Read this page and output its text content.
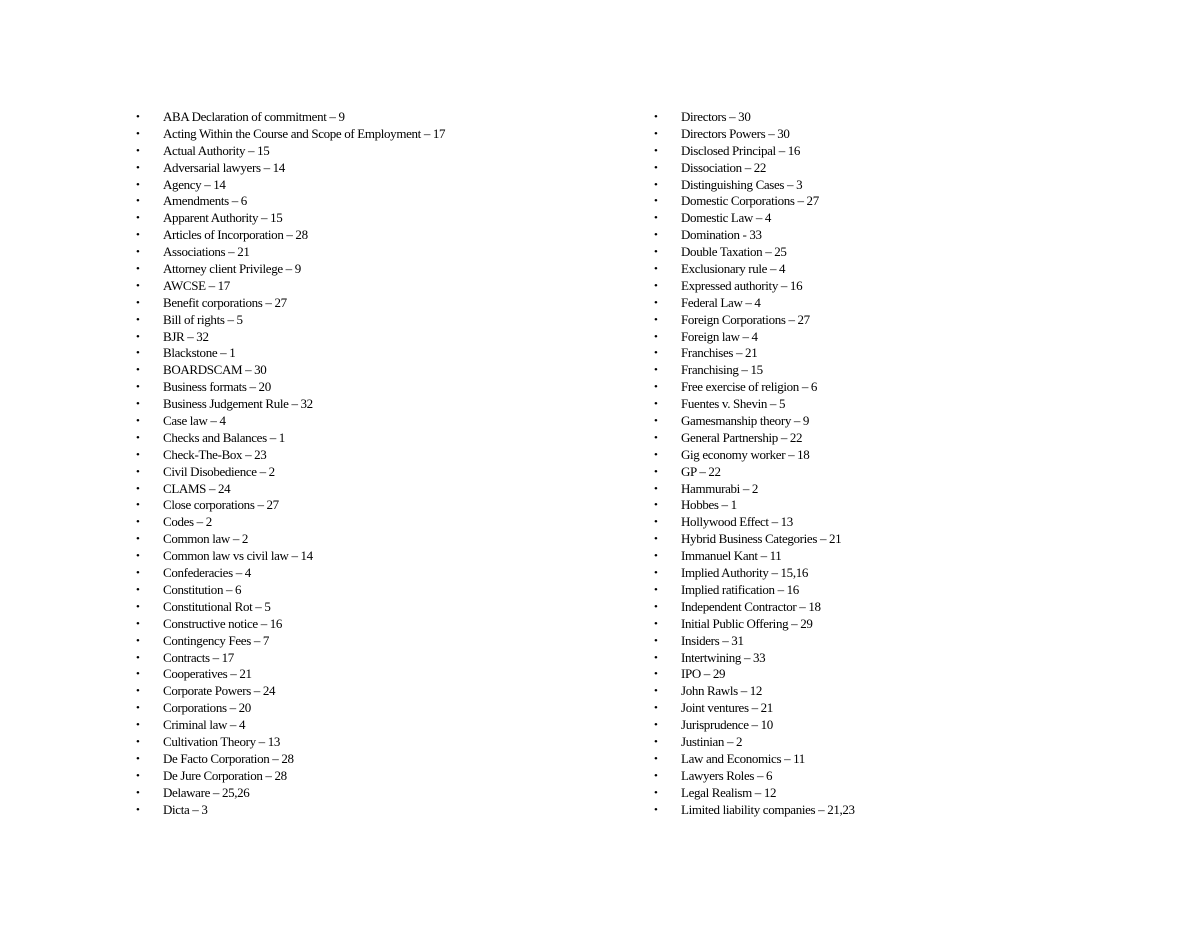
• ABA Declaration of commitment – 9
• Acting Within the Course and Scope of Employment – 17
• Actual Authority – 15
• Adversarial lawyers – 14
• Agency – 14
• Amendments – 6
• Apparent Authority – 15
• Articles of Incorporation – 28
• Associations – 21
• Attorney client Privilege – 9
• AWCSE – 17
• Benefit corporations – 27
• Bill of rights – 5
• BJR – 32
• Blackstone – 1
• BOARDSCAM – 30
• Business formats – 20
• Business Judgement Rule – 32
• Case law – 4
• Checks and Balances – 1
• Check-The-Box – 23
• Civil Disobedience – 2
• CLAMS – 24
• Close corporations – 27
• Codes – 2
• Common law – 2
• Common law vs civil law – 14
• Confederacies – 4
• Constitution – 6
• Constitutional Rot – 5
• Constructive notice – 16
• Contingency Fees – 7
• Contracts – 17
• Cooperatives – 21
• Corporate Powers – 24
• Corporations – 20
• Criminal law – 4
• Cultivation Theory – 13
• De Facto Corporation – 28
• De Jure Corporation – 28
• Delaware – 25,26
• Dicta – 3
• Directors – 30
• Directors Powers – 30
• Disclosed Principal – 16
• Dissociation – 22
• Distinguishing Cases – 3
• Domestic Corporations – 27
• Domestic Law – 4
• Domination - 33
• Double Taxation – 25
• Exclusionary rule – 4
• Expressed authority – 16
• Federal Law – 4
• Foreign Corporations – 27
• Foreign law – 4
• Franchises – 21
• Franchising – 15
• Free exercise of religion – 6
• Fuentes v. Shevin – 5
• Gamesmanship theory – 9
• General Partnership – 22
• Gig economy worker – 18
• GP – 22
• Hammurabi – 2
• Hobbes – 1
• Hollywood Effect – 13
• Hybrid Business Categories – 21
• Immanuel Kant – 11
• Implied Authority – 15,16
• Implied ratification – 16
• Independent Contractor – 18
• Initial Public Offering – 29
• Insiders – 31
• Intertwining – 33
• IPO – 29
• John Rawls – 12
• Joint ventures – 21
• Jurisprudence – 10
• Justinian – 2
• Law and Economics – 11
• Lawyers Roles – 6
• Legal Realism – 12
• Limited liability companies – 21,23
